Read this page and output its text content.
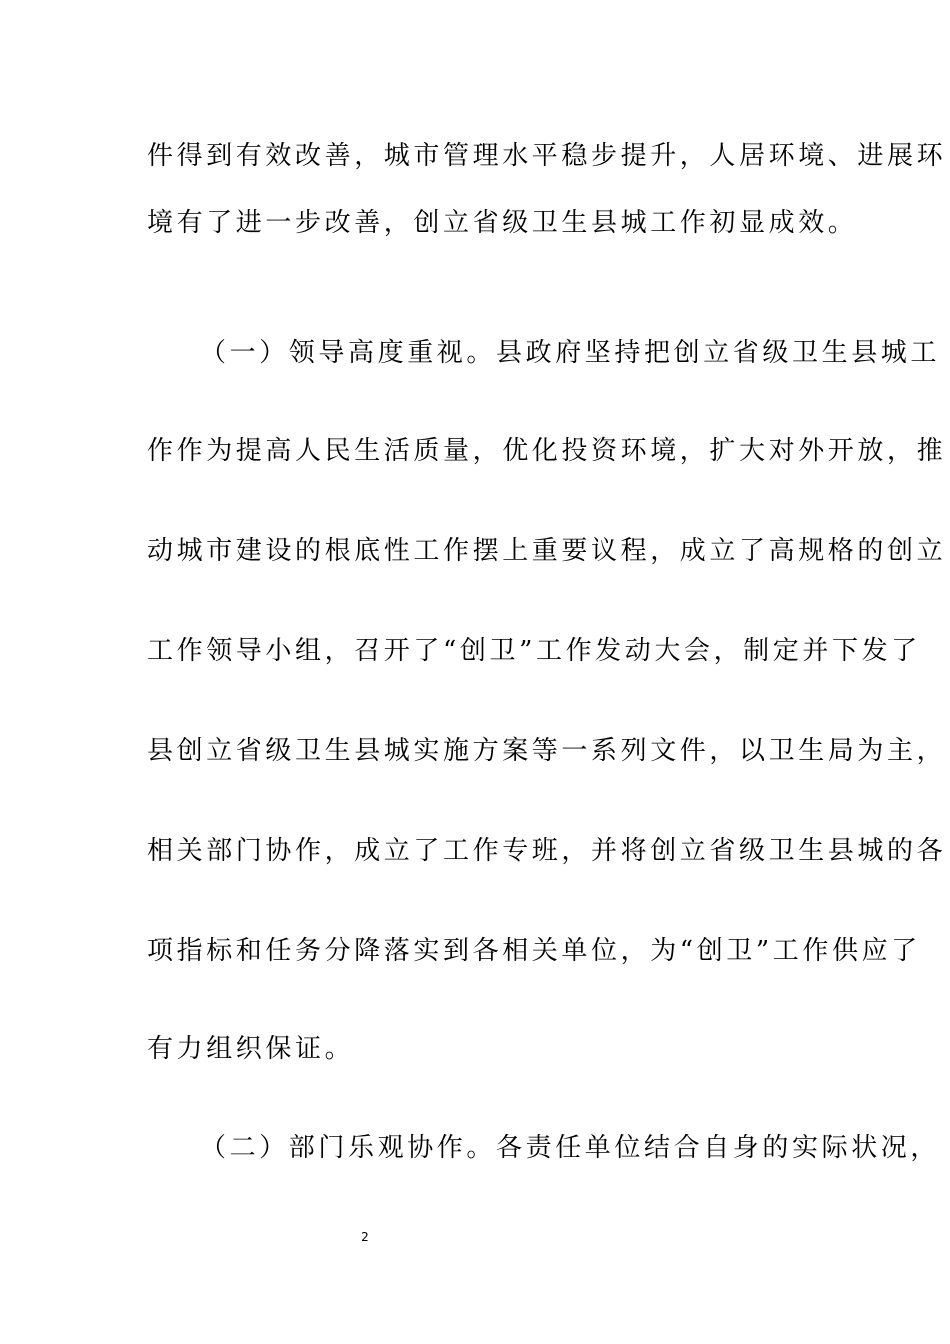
件得到有效改善，城市管理水平稳步提升，人居环境、进展环
境有了进一步改善，创立省级卫生县城工作初显成效。
（一）领导高度重视。县政府坚持把创立省级卫生县城工
作作为提高人民生活质量，优化投资环境，扩大对外开放，推
动城市建设的根底性工作摆上重要议程，成立了高规格的创立
工作领导小组，召开了“创卫”工作发动大会，制定并下发了
县创立省级卫生县城实施方案等一系列文件，以卫生局为主，
相关部门协作，成立了工作专班，并将创立省级卫生县城的各
项指标和任务分降落实到各相关单位，为“创卫”工作供应了
有力组织保证。
（二）部门乐观协作。各责任单位结合自身的实际状况，
2
